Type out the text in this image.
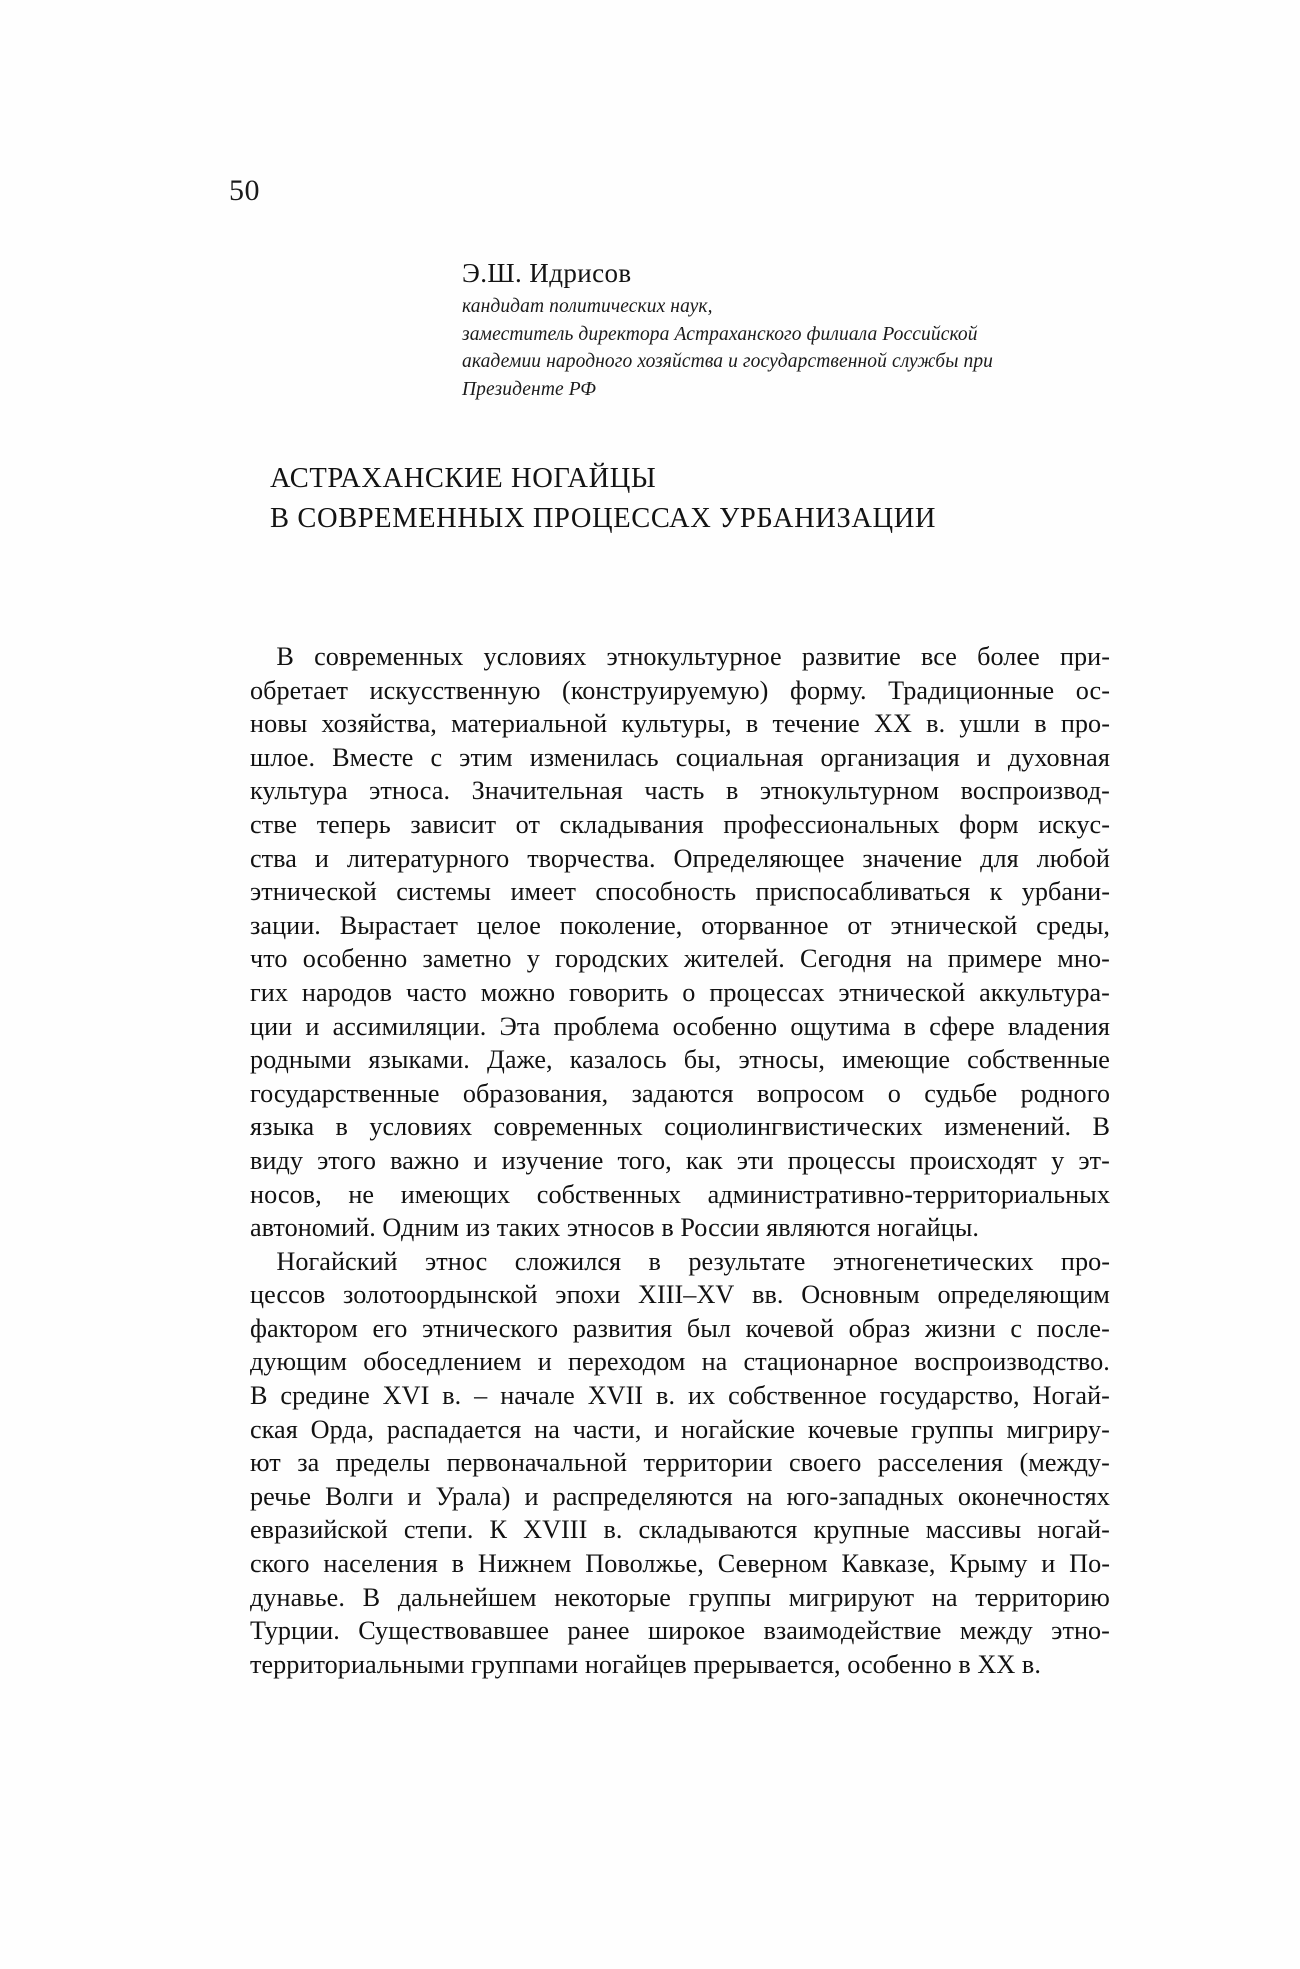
50
Э.Ш. Идрисов
кандидат политических наук,
заместитель директора Астраханского филиала Российской
академии народного хозяйства и государственной службы при
Президенте РФ
АСТРАХАНСКИЕ НОГАЙЦЫ
В СОВРЕМЕННЫХ ПРОЦЕССАХ УРБАНИЗАЦИИ
В современных условиях этнокультурное развитие все более при-
обретает искусственную (конструируемую) форму. Традиционные ос-
новы хозяйства, материальной культуры, в течение XX в. ушли в про-
шлое. Вместе с этим изменилась социальная организация и духовная
культура этноса. Значительная часть в этнокультурном воспроизвод-
стве теперь зависит от складывания профессиональных форм искус-
ства и литературного творчества. Определяющее значение для любой
этнической системы имеет способность приспосабливаться к урбани-
зации. Вырастает целое поколение, оторванное от этнической среды,
что особенно заметно у городских жителей. Сегодня на примере мно-
гих народов часто можно говорить о процессах этнической аккультура-
ции и ассимиляции. Эта проблема особенно ощутима в сфере владения
родными языками. Даже, казалось бы, этносы, имеющие собственные
государственные образования, задаются вопросом о судьбе родного
языка в условиях современных социолингвистических изменений. В
виду этого важно и изучение того, как эти процессы происходят у эт-
носов, не имеющих собственных административно-территориальных
автономий. Одним из таких этносов в России являются ногайцы.
Ногайский этнос сложился в результате этногенетических про-
цессов золотоордынской эпохи XIII–XV вв. Основным определяющим
фактором его этнического развития был кочевой образ жизни с после-
дующим обоседлением и переходом на стационарное воспроизводство.
В средине XVI в. – начале XVII в. их собственное государство, Ногай-
ская Орда, распадается на части, и ногайские кочевые группы мигриру-
ют за пределы первоначальной территории своего расселения (между-
речье Волги и Урала) и распределяются на юго-западных оконечностях
евразийской степи. К XVIII в. складываются крупные массивы ногай-
ского населения в Нижнем Поволжье, Северном Кавказе, Крыму и По-
дунавье. В дальнейшем некоторые группы мигрируют на территорию
Турции. Существовавшее ранее широкое взаимодействие между этно-
территориальными группами ногайцев прерывается, особенно в XX в.
